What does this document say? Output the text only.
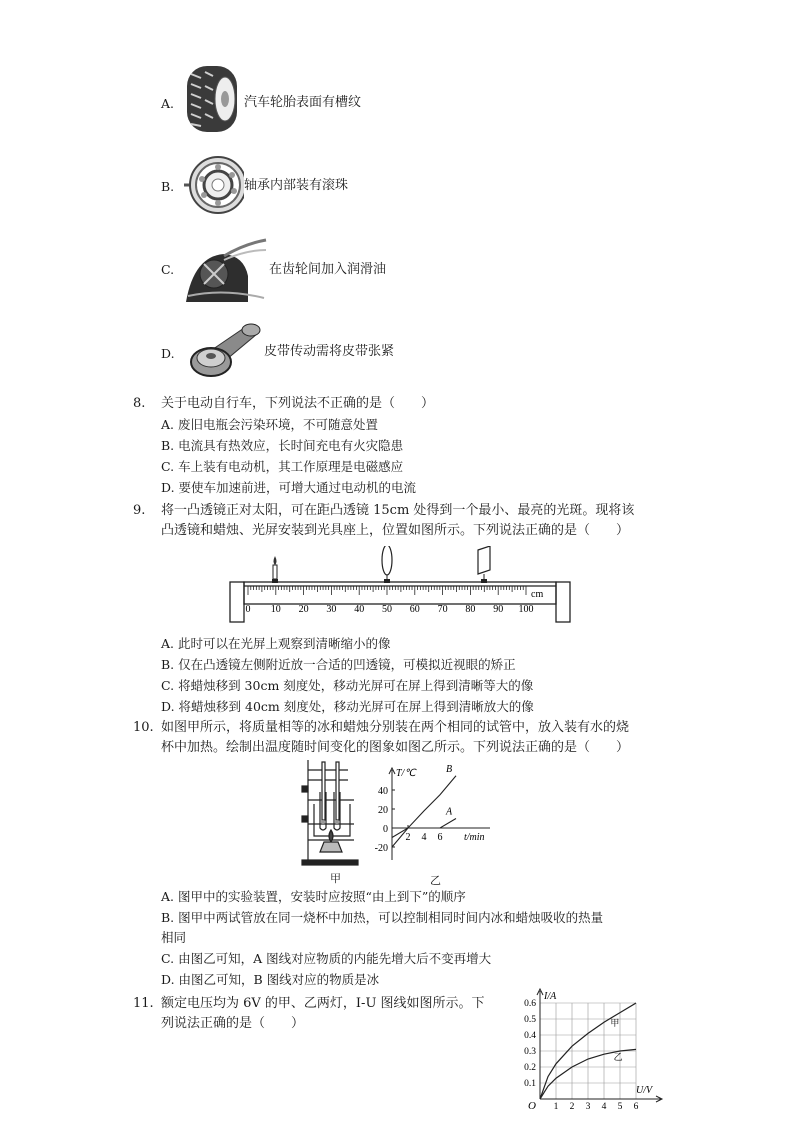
A.	汽车轮胎表面有槽纹
B.	轴承内部装有滚珠
C.	在齿轮间加入润滑油
D.	皮带传动需将皮带张紧
8. 关于电动自行车，下列说法不正确的是（　　）
A. 废旧电瓶会污染环境，不可随意处置
B. 电流具有热效应，长时间充电有火灾隐患
C. 车上装有电动机，其工作原理是电磁感应
D. 要使车加速前进，可增大通过电动机的电流
9. 将一凸透镜正对太阳，可在距凸透镜 15cm 处得到一个最小、最亮的光斑。现将该
凸透镜和蜡烛、光屏安装到光具座上，位置如图所示。下列说法正确的是（　　）
0 10 20 30 40 50 60 70 80 90 100
cm
A. 此时可以在光屏上观察到清晰缩小的像
B. 仅在凸透镜左侧附近放一合适的凹透镜，可模拟近视眼的矫正
C. 将蜡烛移到 30cm 刻度处，移动光屏可在屏上得到清晰等大的像
D. 将蜡烛移到 40cm 刻度处，移动光屏可在屏上得到清晰放大的像
10. 如图甲所示，将质量相等的冰和蜡烛分别装在两个相同的试管中，放入装有水的烧
杯中加热。绘制出温度随时间变化的图象如图乙所示。下列说法正确的是（　　）
甲
T/℃
t/min
40
20
0
-20
2 4 6
A
B
乙
A. 图甲中的实验装置，安装时应按照“由上到下”的顺序
B. 图甲中两试管放在同一烧杯中加热，可以控制相同时间内冰和蜡烛吸收的热量
相同
C. 由图乙可知，A 图线对应物质的内能先增大后不变再增大
D. 由图乙可知，B 图线对应的物质是冰
11. 额定电压均为 6V 的甲、乙两灯，I-U 图线如图所示。下
列说法正确的是（　　）
I/A
U/V
O
0.1
0.2
0.3
0.4
0.5
0.6
1 2 3 4 5 6
甲
乙
